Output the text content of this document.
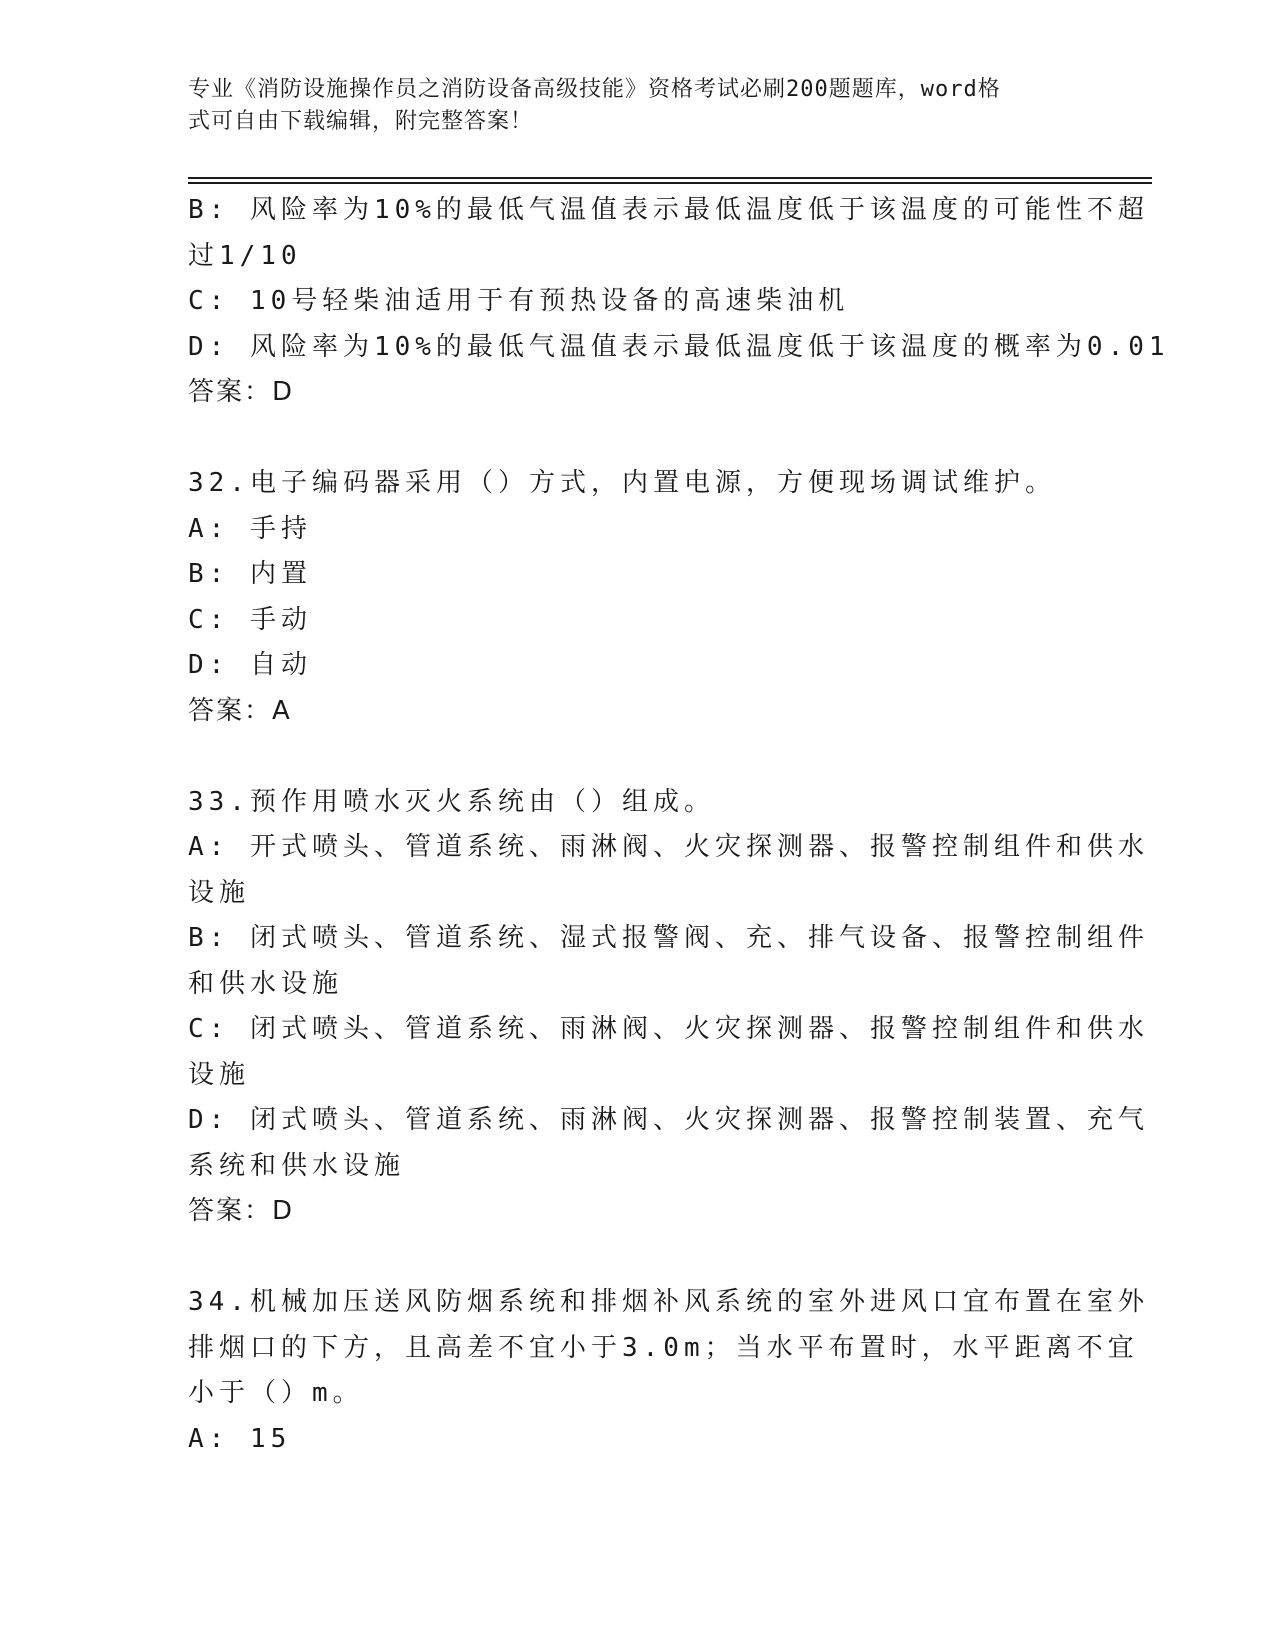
专业《消防设施操作员之消防设备高级技能》资格考试必刷200题题库，word格
式可自由下载编辑，附完整答案！

B: 风险率为10%的最低气温值表示最低温度低于该温度的可能性不超

过1/10

C: 10号轻柴油适用于有预热设备的高速柴油机

D: 风险率为10%的最低气温值表示最低温度低于该温度的概率为0.01

答案：D

32.电子编码器采用（）方式，内置电源，方便现场调试维护。

A: 手持

B: 内置

C: 手动

D: 自动

答案：A

33.预作用喷水灭火系统由（）组成。

A: 开式喷头、管道系统、雨淋阀、火灾探测器、报警控制组件和供水

设施

B: 闭式喷头、管道系统、湿式报警阀、充、排气设备、报警控制组件

和供水设施

C: 闭式喷头、管道系统、雨淋阀、火灾探测器、报警控制组件和供水

设施

D: 闭式喷头、管道系统、雨淋阀、火灾探测器、报警控制装置、充气

系统和供水设施

答案：D

34.机械加压送风防烟系统和排烟补风系统的室外进风口宜布置在室外

排烟口的下方，且高差不宜小于3.0m；当水平布置时，水平距离不宜

小于（）m。

A: 15
